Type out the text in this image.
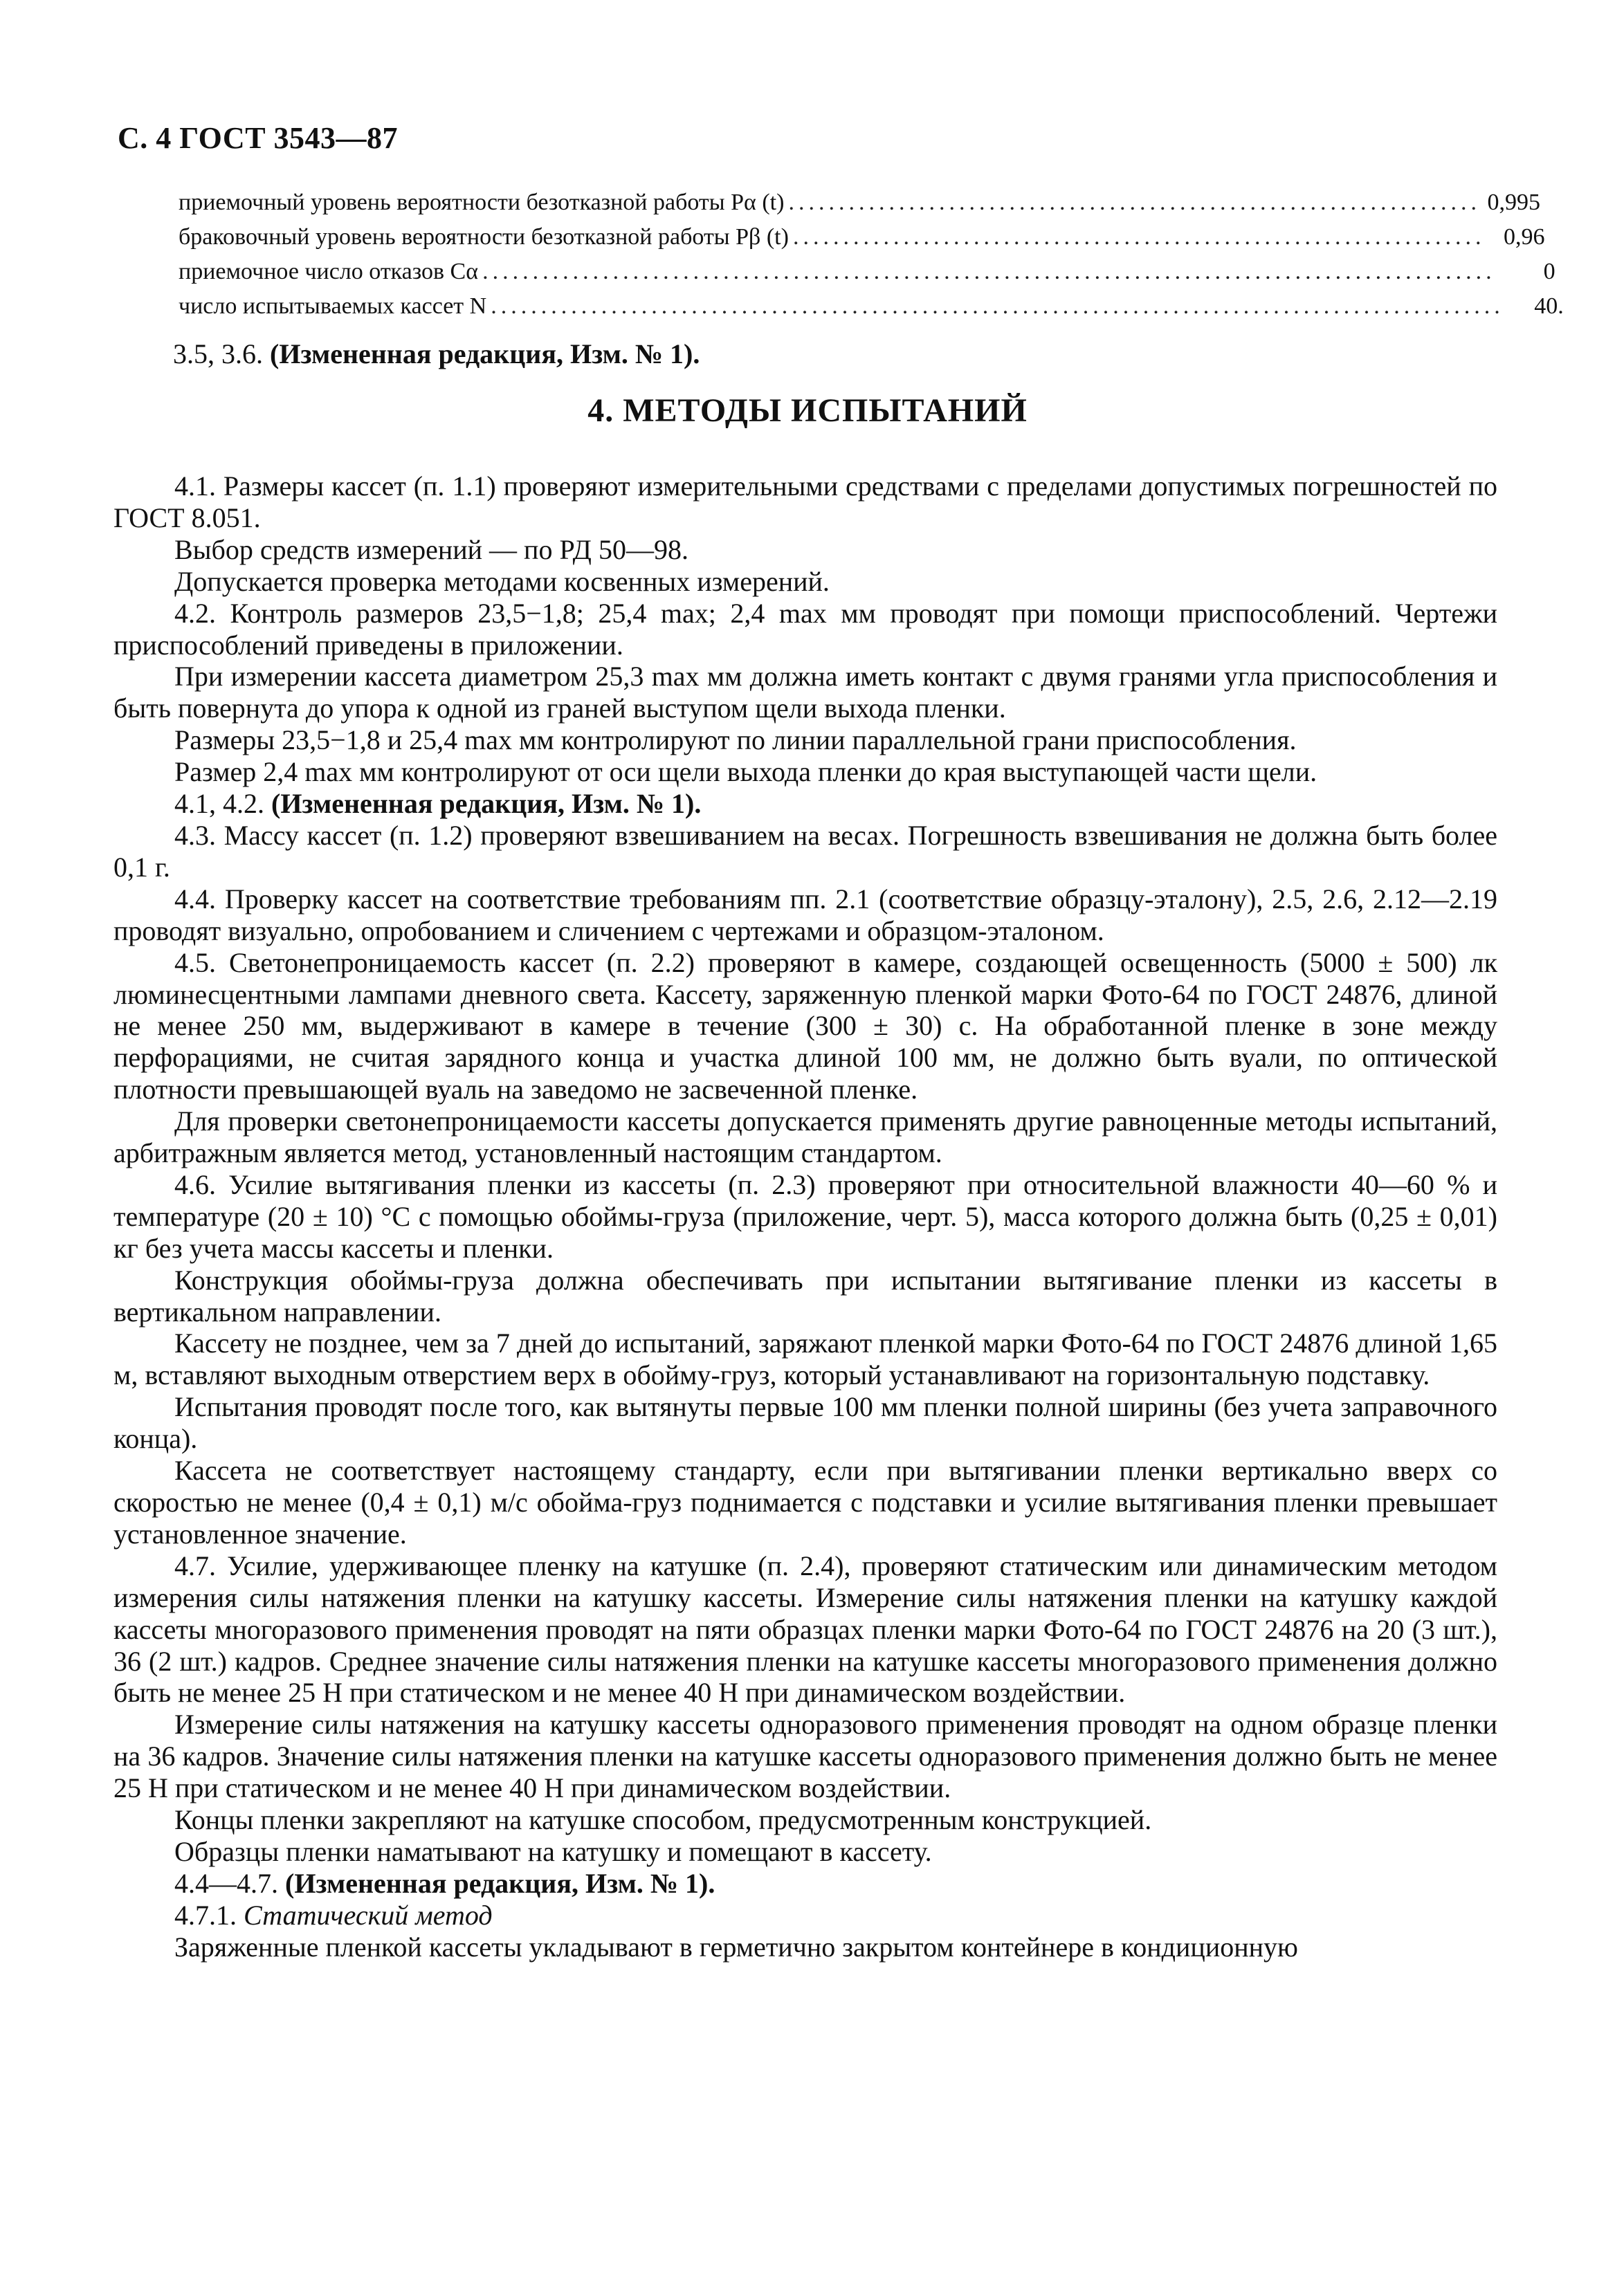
С. 4 ГОСТ 3543—87
приемочный уровень вероятности безотказной работы Pα (t) ..................................................................... 0,995
браковочный уровень вероятности безотказной работы Pβ (t) ..................................................................... 0,96
приемочное число отказов Cα .....................................................................................................	0
число испытываемых кассет N .....................................................................................................	40.
3.5, 3.6. (Измененная редакция, Изм. № 1).
4. МЕТОДЫ ИСПЫТАНИЙ

4.1. Размеры кассет (п. 1.1) проверяют измерительными средствами с пределами допустимых погрешностей по ГОСТ 8.051.

Выбор средств измерений — по РД 50—98.

Допускается проверка методами косвенных измерений.

4.2. Контроль размеров 23,5−1,8; 25,4 max; 2,4 max мм проводят при помощи приспособлений. Чертежи приспособлений приведены в приложении.

При измерении кассета диаметром 25,3 max мм должна иметь контакт с двумя гранями угла приспособления и быть повернута до упора к одной из граней выступом щели выхода пленки.

Размеры 23,5−1,8 и 25,4 max мм контролируют по линии параллельной грани приспособления.

Размер 2,4 max мм контролируют от оси щели выхода пленки до края выступающей части щели.

4.1, 4.2. (Измененная редакция, Изм. № 1).

4.3. Массу кассет (п. 1.2) проверяют взвешиванием на весах. Погрешность взвешивания не должна быть более 0,1 г.

4.4. Проверку кассет на соответствие требованиям пп. 2.1 (соответствие образцу-эталону), 2.5, 2.6, 2.12—2.19 проводят визуально, опробованием и сличением с чертежами и образцом-эталоном.

4.5. Светонепроницаемость кассет (п. 2.2) проверяют в камере, создающей освещенность (5000 ± 500) лк люминесцентными лампами дневного света. Кассету, заряженную пленкой марки Фото-64 по ГОСТ 24876, длиной не менее 250 мм, выдерживают в камере в течение (300 ± 30) с. На обработанной пленке в зоне между перфорациями, не считая зарядного конца и участка длиной 100 мм, не должно быть вуали, по оптической плотности превышающей вуаль на заведомо не засвеченной пленке.

Для проверки светонепроницаемости кассеты допускается применять другие равноценные методы испытаний, арбитражным является метод, установленный настоящим стандартом.

4.6. Усилие вытягивания пленки из кассеты (п. 2.3) проверяют при относительной влажности 40—60 % и температуре (20 ± 10) °С с помощью обоймы-груза (приложение, черт. 5), масса которого должна быть (0,25 ± 0,01) кг без учета массы кассеты и пленки.

Конструкция обоймы-груза должна обеспечивать при испытании вытягивание пленки из кассеты в вертикальном направлении.

Кассету не позднее, чем за 7 дней до испытаний, заряжают пленкой марки Фото-64 по ГОСТ 24876 длиной 1,65 м, вставляют выходным отверстием верх в обойму-груз, который устанавливают на горизонтальную подставку.

Испытания проводят после того, как вытянуты первые 100 мм пленки полной ширины (без учета заправочного конца).

Кассета не соответствует настоящему стандарту, если при вытягивании пленки вертикально вверх со скоростью не менее (0,4 ± 0,1) м/с обойма-груз поднимается с подставки и усилие вытягивания пленки превышает установленное значение.

4.7. Усилие, удерживающее пленку на катушке (п. 2.4), проверяют статическим или динамическим методом измерения силы натяжения пленки на катушку кассеты. Измерение силы натяжения пленки на катушку каждой кассеты многоразового применения проводят на пяти образцах пленки марки Фото-64 по ГОСТ 24876 на 20 (3 шт.), 36 (2 шт.) кадров. Среднее значение силы натяжения пленки на катушке кассеты многоразового применения должно быть не менее 25 Н при статическом и не менее 40 Н при динамическом воздействии.

Измерение силы натяжения на катушку кассеты одноразового применения проводят на одном образце пленки на 36 кадров. Значение силы натяжения пленки на катушке кассеты одноразового применения должно быть не менее 25 Н при статическом и не менее 40 Н при динамическом воздействии.

Концы пленки закрепляют на катушке способом, предусмотренным конструкцией.

Образцы пленки наматывают на катушку и помещают в кассету.

4.4—4.7. (Измененная редакция, Изм. № 1).

4.7.1. Статический метод

Заряженные пленкой кассеты укладывают в герметично закрытом контейнере в кондиционную
